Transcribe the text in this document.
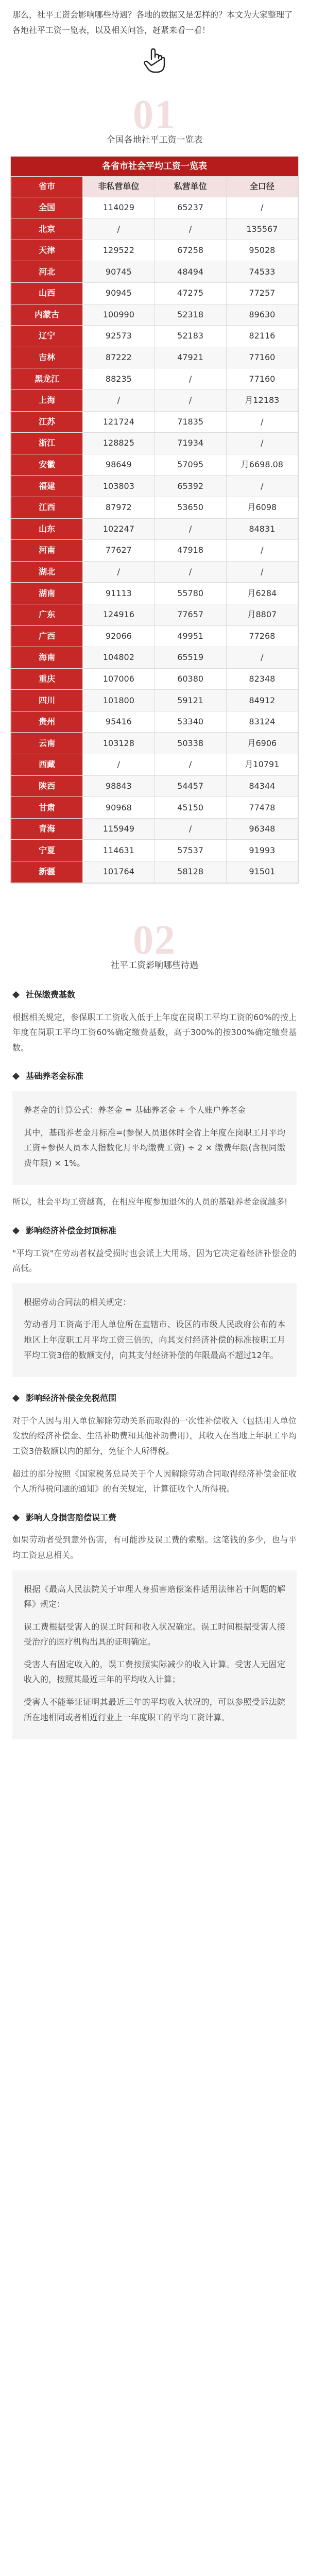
那么，社平工资会影响哪些待遇？各地的数据又是怎样的？本文为大家整理了各地社平工资一览表，以及相关问答，赶紧来看一看！

01
全国各地社平工资一览表
各省市社会平均工资一览表
省市	非私营单位	私营单位	全口径
全国	114029	65237	/
北京	/	/	135567
天津	129522	67258	95028
河北	90745	48494	74533
山西	90945	47275	77257
内蒙古	100990	52318	89630
辽宁	92573	52183	82116
吉林	87222	47921	77160
黑龙江	88235	/	77160
上海	/	/	月12183
江苏	121724	71835	/
浙江	128825	71934	/
安徽	98649	57095	月6698.08
福建	103803	65392	/
江西	87972	53650	月6098
山东	102247	/	84831
河南	77627	47918	/
湖北	/	/	/
湖南	91113	55780	月6284
广东	124916	77657	月8807
广西	92066	49951	77268
海南	104802	65519	/
重庆	107006	60380	82348
四川	101800	59121	84912
贵州	95416	53340	83124
云南	103128	50338	月6906
西藏	/	/	月10791
陕西	98843	54457	84344
甘肃	90968	45150	77478
青海	115949	/	96348
宁夏	114631	57537	91993
新疆	101764	58128	91501
02
社平工资影响哪些待遇
社保缴费基数

根据相关规定，参保职工工资收入低于上年度在岗职工平均工资的60%的按上年度在岗职工平均工资60%确定缴费基数，高于300%的按300%确定缴费基数。

基础养老金标准

养老金的计算公式：养老金 = 基础养老金 + 个人账户养老金

其中，基础养老金月标准=(参保人员退休时全省上年度在岗职工月平均工资+参保人员本人指数化月平均缴费工资) ÷ 2 × 缴费年限(含视同缴费年限) × 1%。

所以，社会平均工资越高，在相应年度参加退休的人员的基础养老金就越多!

影响经济补偿金封顶标准

"平均工资"在劳动者权益受损时也会派上大用场，因为它决定着经济补偿金的高低。

根据劳动合同法的相关规定：

劳动者月工资高于用人单位所在直辖市、设区的市级人民政府公布的本地区上年度职工月平均工资三倍的，向其支付经济补偿的标准按职工月平均工资3倍的数额支付，向其支付经济补偿的年限最高不超过12年。

影响经济补偿金免税范围

对于个人因与用人单位解除劳动关系而取得的一次性补偿收入（包括用人单位发放的经济补偿金、生活补助费和其他补助费用），其收入在当地上年职工平均工资3倍数额以内的部分，免征个人所得税。

超过的部分按照《国家税务总局关于个人因解除劳动合同取得经济补偿金征收个人所得税问题的通知》的有关规定，计算征收个人所得税。

影响人身损害赔偿误工费

如果劳动者受到意外伤害，有可能涉及误工费的索赔。这笔钱的多少，也与平均工资息息相关。

根据《最高人民法院关于审理人身损害赔偿案件适用法律若干问题的解释》规定：

误工费根据受害人的误工时间和收入状况确定。误工时间根据受害人接受治疗的医疗机构出具的证明确定。

受害人有固定收入的，误工费按照实际减少的收入计算。受害人无固定收入的，按照其最近三年的平均收入计算；

受害人不能举证证明其最近三年的平均收入状况的，可以参照受诉法院所在地相同或者相近行业上一年度职工的平均工资计算。
